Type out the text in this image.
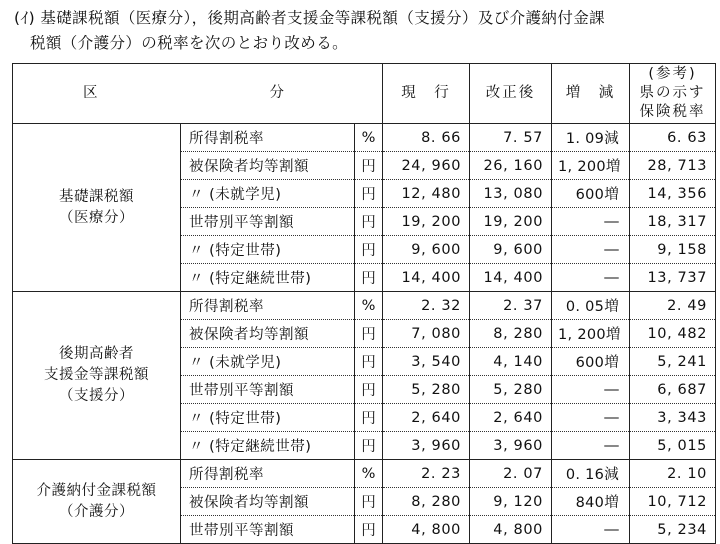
(ｲ) 基礎課税額（医療分），後期高齢者支援金等課税額（支援分）及び介護納付金課
税額（介護分）の税率を次のとおり改める。
区 分			現　行	改正後	増　減	(参考)
県の示す
保険税率
基礎課税額
（医療分）	所得割税率	%	8. 66	7. 57	1. 09減	6. 63
	被保険者均等割額	円	24, 960	26, 160	1, 200増	28, 713
	〃 (未就学児)	円	12, 480	13, 080	600増	14, 356
	世帯別平等割額	円	19, 200	19, 200	―	18, 317
	〃 (特定世帯)	円	9, 600	9, 600	―	9, 158
	〃 (特定継続世帯)	円	14, 400	14, 400	―	13, 737
後期高齢者
支援金等課税額
（支援分）	所得割税率	%	2. 32	2. 37	0. 05増	2. 49
	被保険者均等割額	円	7, 080	8, 280	1, 200増	10, 482
	〃 (未就学児)	円	3, 540	4, 140	600増	5, 241
	世帯別平等割額	円	5, 280	5, 280	―	6, 687
	〃 (特定世帯)	円	2, 640	2, 640	―	3, 343
	〃 (特定継続世帯)	円	3, 960	3, 960	―	5, 015
介護納付金課税額
（介護分）	所得割税率	%	2. 23	2. 07	0. 16減	2. 10
	被保険者均等割額	円	8, 280	9, 120	840増	10, 712
	世帯別平等割額	円	4, 800	4, 800	―	5, 234
